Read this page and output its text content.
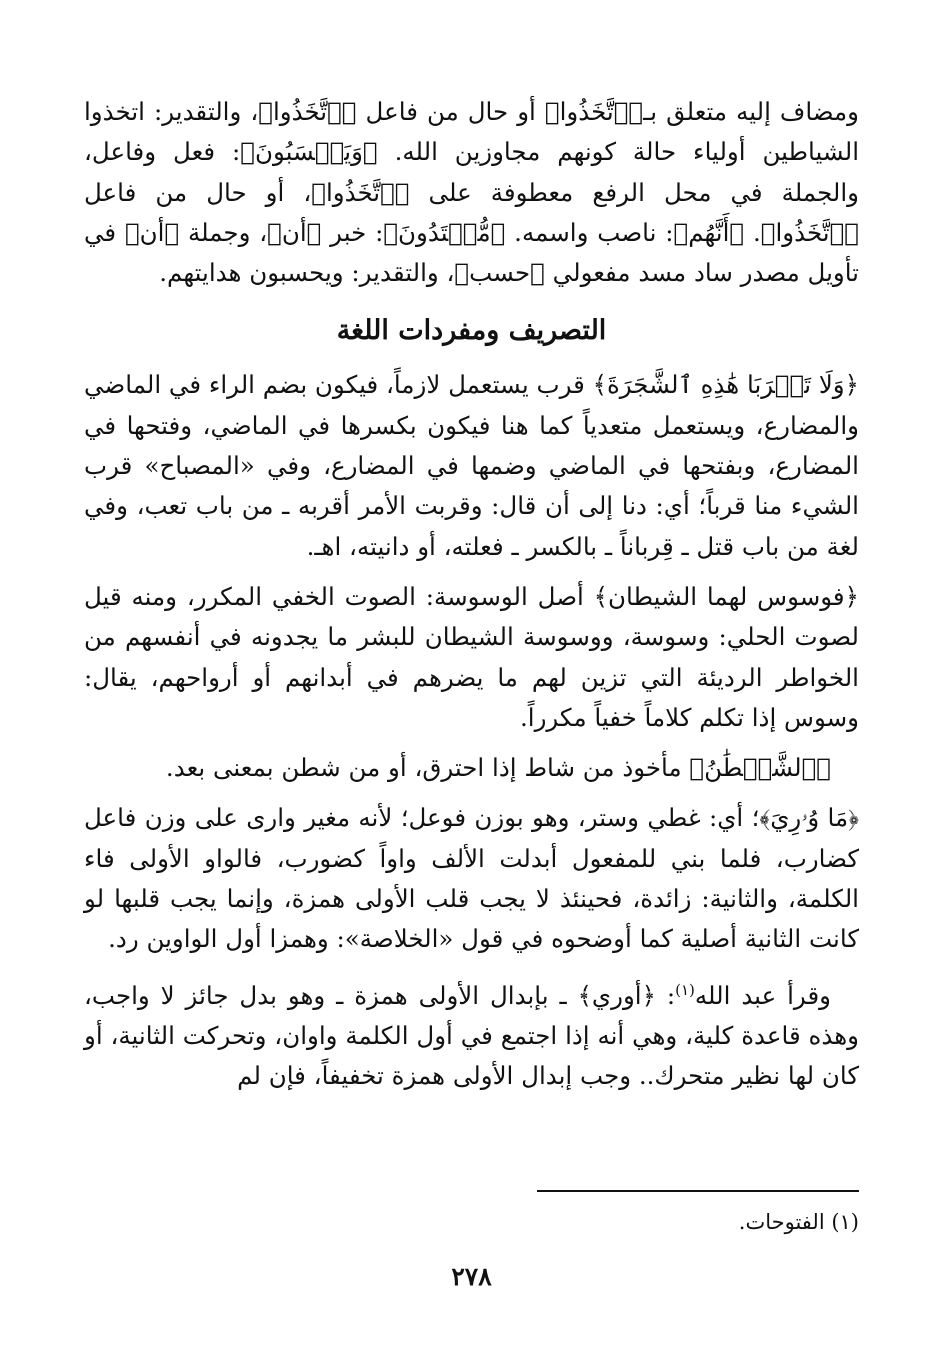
ومضاف إليه متعلق بـ﴿ٱتَّخَذُوا﴾ أو حال من فاعل ﴿ٱتَّخَذُوا﴾، والتقدير: اتخذوا الشياطين أولياء حالة كونهم مجاوزين الله. ﴿وَيَحۡسَبُونَ﴾: فعل وفاعل، والجملة في محل الرفع معطوفة على ﴿ٱتَّخَذُوا﴾، أو حال من فاعل ﴿ٱتَّخَذُوا﴾. ﴿أَنَّهُم﴾: ناصب واسمه. ﴿مُّهۡتَدُونَ﴾: خبر ﴿أن﴾، وجملة ﴿أن﴾ في تأويل مصدر ساد مسد مفعولي ﴿حسب﴾، والتقدير: ويحسبون هدايتهم.

التصريف ومفردات اللغة

﴿وَلَا تَقۡرَبَا هَٰذِهِ ٱلشَّجَرَةَ﴾ قرب يستعمل لازماً، فيكون بضم الراء في الماضي والمضارع، ويستعمل متعدياً كما هنا فيكون بكسرها في الماضي، وفتحها في المضارع، وبفتحها في الماضي وضمها في المضارع، وفي «المصباح» قرب الشيء منا قرباً؛ أي: دنا إلى أن قال: وقربت الأمر أقربه ـ من باب تعب، وفي لغة من باب قتل ـ قِرباناً ـ بالكسر ـ فعلته، أو دانيته، اهـ.

﴿فوسوس لهما الشيطان﴾ أصل الوسوسة: الصوت الخفي المكرر، ومنه قيل لصوت الحلي: وسوسة، ووسوسة الشيطان للبشر ما يجدونه في أنفسهم من الخواطر الرديئة التي تزين لهم ما يضرهم في أبدانهم أو أرواحهم، يقال: وسوس إذا تكلم كلاماً خفياً مكرراً.

﴿ٱلشَّيۡطَٰنُ﴾ مأخوذ من شاط إذا احترق، أو من شطن بمعنى بعد.

﴿مَا وُۥرِيَ﴾؛ أي: غطي وستر، وهو بوزن فوعل؛ لأنه مغير وارى على وزن فاعل كضارب، فلما بني للمفعول أبدلت الألف واواً كضورب، فالواو الأولى فاء الكلمة، والثانية: زائدة، فحينئذ لا يجب قلب الأولى همزة، وإنما يجب قلبها لو كانت الثانية أصلية كما أوضحوه في قول «الخلاصة»: وهمزا أول الواوين رد.

وقرأ عبد الله$^{(١)}$: ﴿أوري﴾ ـ بإبدال الأولى همزة ـ وهو بدل جائز لا واجب، وهذه قاعدة كلية، وهي أنه إذا اجتمع في أول الكلمة واوان، وتحركت الثانية، أو كان لها نظير متحرك.. وجب إبدال الأولى همزة تخفيفاً، فإن لم

(١) الفتوحات.
٢٧٨
